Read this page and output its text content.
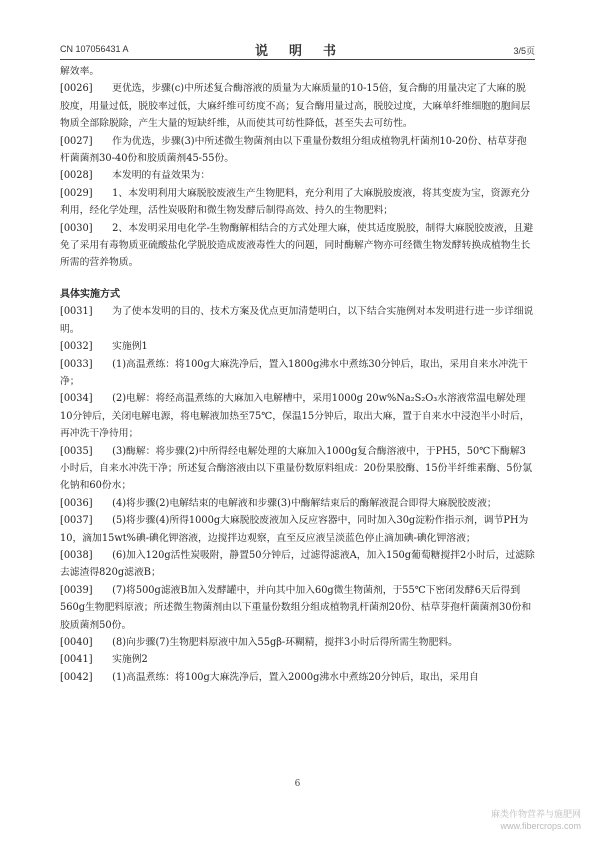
CN 107056431 A	说　明　书	3/5页

解效率。

[0026]　　 更优选，步骤(c)中所述复合酶溶液的质量为大麻质量的10-15倍，复合酶的用量决定了大麻的脱胶度，用量过低，脱胶率过低，大麻纤维可纺度不高；复合酶用量过高，脱胶过度，大麻单纤维细胞的胞间层物质全部除脱除，产生大量的短缺纤维，从而使其可纺性降低，甚至失去可纺性。

[0027]　　 作为优选，步骤(3)中所述微生物菌剂由以下重量份数组分组成植物乳杆菌剂10-20份、枯草芽孢杆菌菌剂30-40份和胶质菌剂45-55份。

[0028]　　 本发明的有益效果为：

[0029]　　 1、本发明利用大麻脱胶废液生产生物肥料，充分利用了大麻脱胶废液，将其变废为宝，资源充分利用，经化学处理，活性炭吸附和微生物发酵后制得高效、持久的生物肥料；

[0030]　　 2、本发明采用电化学-生物酶解相结合的方式处理大麻，使其适度脱胶，制得大麻脱胶废液，且避免了采用有毒物质亚硫酸盐化学脱胶造成废液毒性大的问题，同时酶解产物亦可经微生物发酵转换成植物生长所需的营养物质。

具体实施方式

[0031]　　 为了使本发明的目的、技术方案及优点更加清楚明白，以下结合实施例对本发明进行进一步详细说明。

[0032]　　 实施例1

[0033]　　 (1)高温煮练：将100g大麻洗净后，置入1800g沸水中煮练30分钟后，取出，采用自来水冲洗干净；

[0034]　　 (2)电解：将经高温煮练的大麻加入电解槽中，采用1000g 20w%Na₂S₂O₃水溶液常温电解处理10分钟后，关闭电解电源，将电解液加热至75℃，保温15分钟后，取出大麻，置于自来水中浸泡半小时后，再冲洗干净待用；

[0035]　　 (3)酶解：将步骤(2)中所得经电解处理的大麻加入1000g复合酶溶液中，于PH5，50℃下酶解3小时后，自来水冲洗干净；所述复合酶溶液由以下重量份数原料组成：20份果胶酶、15份半纤维素酶、5份氯化钠和60份水；

[0036]　　 (4)将步骤(2)电解结束的电解液和步骤(3)中酶解结束后的酶解液混合即得大麻脱胶废液；

[0037]　　 (5)将步骤(4)所得1000g大麻脱胶废液加入反应容器中，同时加入30g淀粉作指示剂，调节PH为10，滴加15wt%碘-碘化钾溶液，边搅拌边观察，直至反应液呈淡蓝色停止滴加碘-碘化钾溶液；

[0038]　　 (6)加入120g活性炭吸附，静置50分钟后，过滤得滤液A，加入150g葡萄糖搅拌2小时后，过滤除去滤渣得820g滤液B；

[0039]　　 (7)将500g滤液B加入发酵罐中，并向其中加入60g微生物菌剂，于55℃下密闭发酵6天后得到560g生物肥料原液；所述微生物菌剂由以下重量份数组分组成植物乳杆菌剂20份、枯草芽孢杆菌菌剂30份和胶质菌剂50份。

[0040]　　 (8)向步骤(7)生物肥料原液中加入55gβ-环糊精，搅拌3小时后得所需生物肥料。

[0041]　　 实施例2

[0042]　　 (1)高温煮练：将100g大麻洗净后，置入2000g沸水中煮练20分钟后，取出，采用自

6
麻类作物营养与施肥网
www.fibercrops.com
